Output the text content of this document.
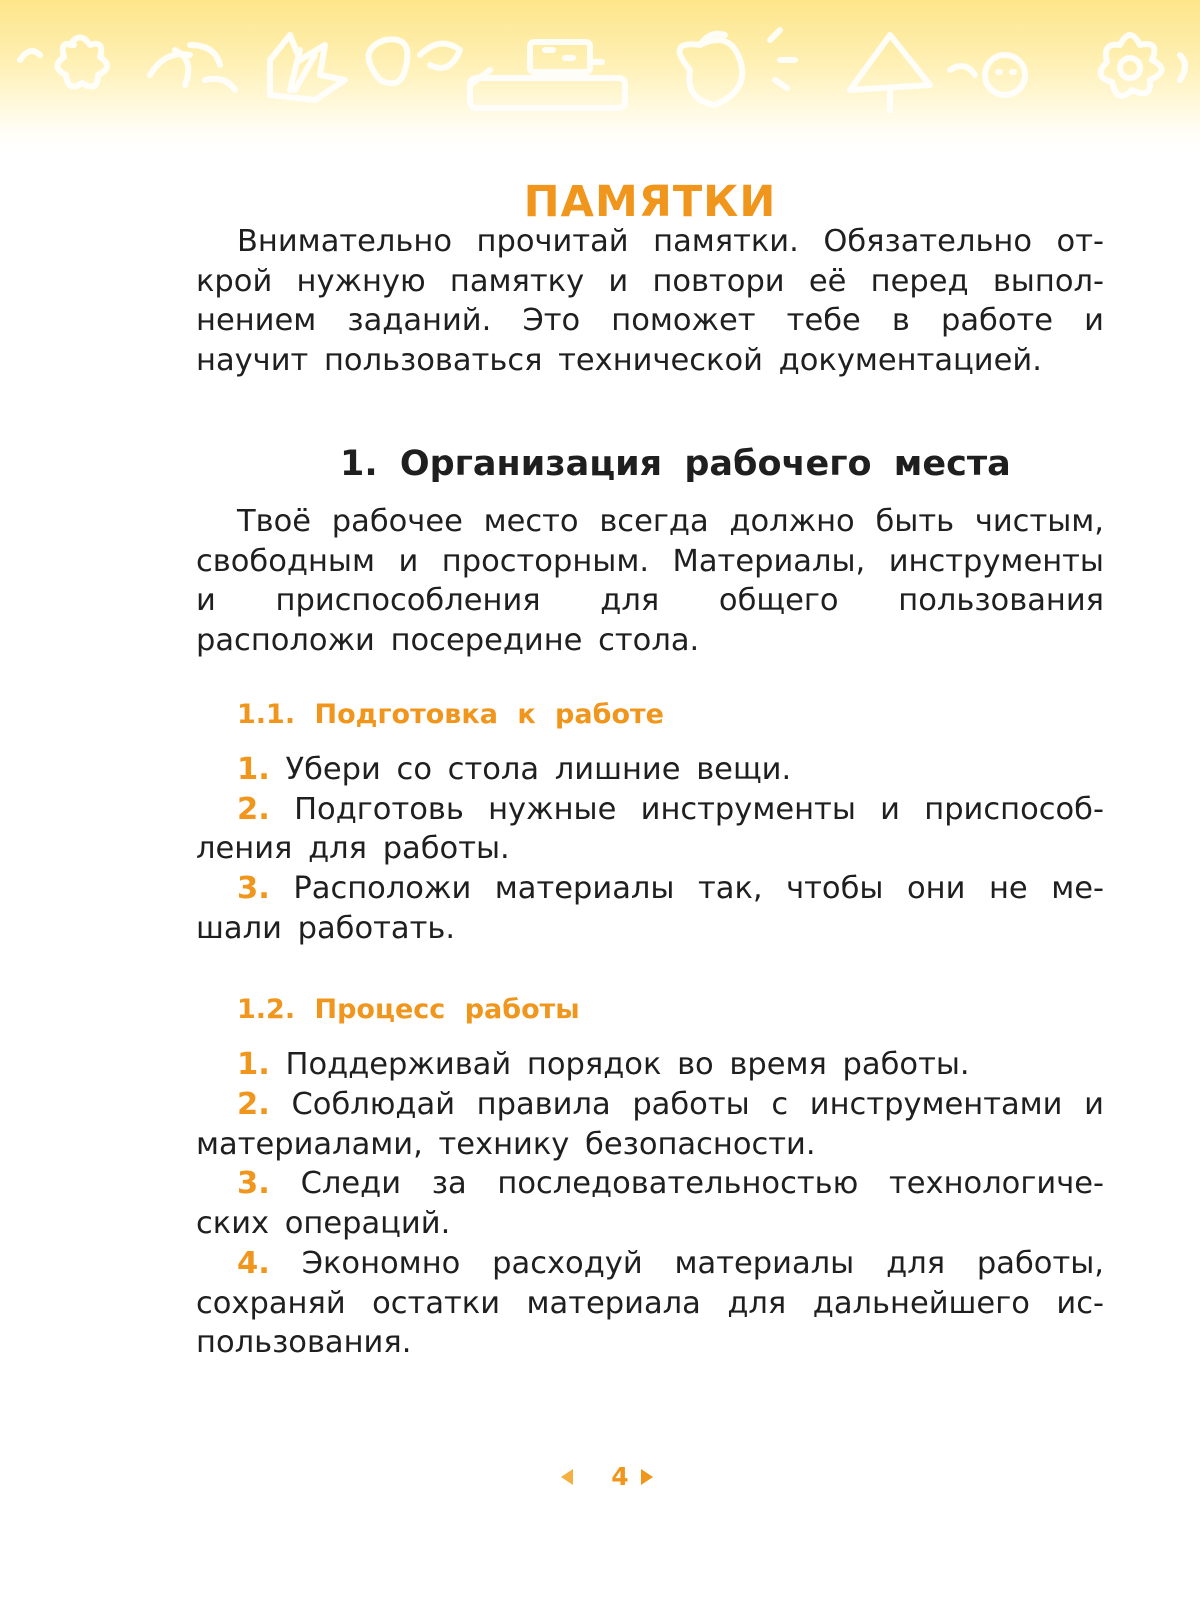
ПАМЯТКИ

Внимательно прочитай памятки. Обязательно открой нужную памятку и повтори её перед выполнением заданий. Это поможет тебе в работе и научит пользоваться технической документацией.

1. Организация рабочего места

Твоё рабочее место всегда должно быть чистым, свободным и просторным. Материалы, инструменты и приспособления для общего пользования расположи посередине стола.

1.1. Подготовка к работе
1. Убери со стола лишние вещи.
2. Подготовь нужные инструменты и приспособления для работы.
3. Расположи материалы так, чтобы они не мешали работать.
1.2. Процесс работы
1. Поддерживай порядок во время работы.
2. Соблюдай правила работы с инструментами и материалами, технику безопасности.
3. Следи за последовательностью технологических операций.
4. Экономно расходуй материалы для работы, сохраняй остатки материала для дальнейшего использования.
4
